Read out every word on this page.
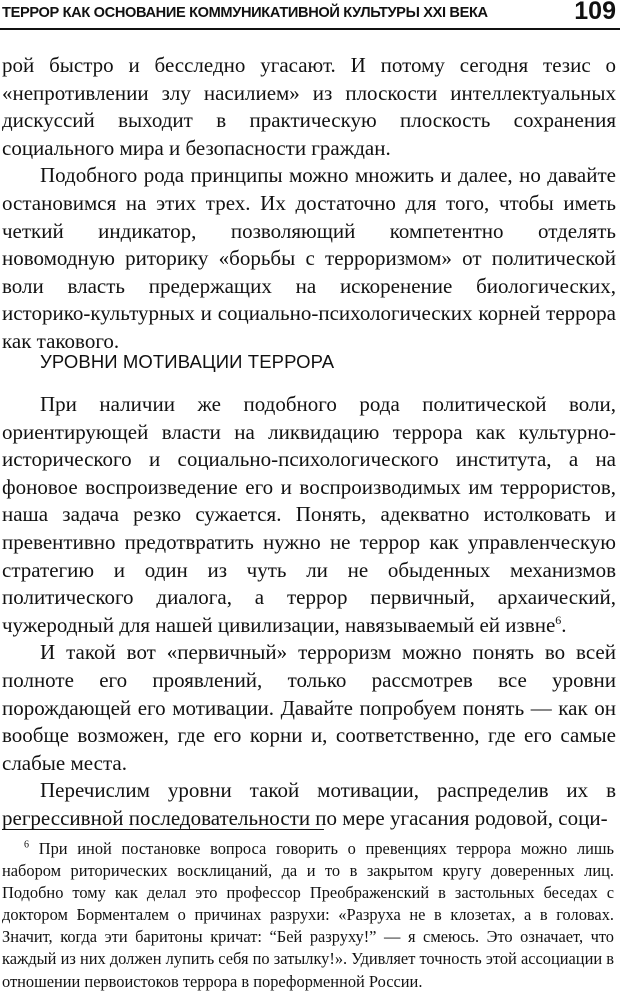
ТЕРРОР КАК ОСНОВАНИЕ КОММУНИКАТИВНОЙ КУЛЬТУРЫ XXI ВЕКА	109

рой быстро и бесследно угасают. И потому сегодня тезис о «непротивлении злу насилием» из плоскости интеллектуальных дискуссий выходит в практическую плоскость сохранения социального мира и безопасности граждан.

Подобного рода принципы можно множить и далее, но давайте остановимся на этих трех. Их достаточно для того, чтобы иметь четкий индикатор, позволяющий компетентно отделять новомодную риторику «борьбы с терроризмом» от политической воли власть предержащих на искоренение биологических, историко-культурных и социально-психологических корней террора как такового.

УРОВНИ МОТИВАЦИИ ТЕРРОРА

При наличии же подобного рода политической воли, ориентирующей власти на ликвидацию террора как культурно-исторического и социально-психологического института, а на фоновое воспроизведение его и воспроизводимых им террористов, наша задача резко сужается. Понять, адекватно истолковать и превентивно предотвратить нужно не террор как управленческую стратегию и один из чуть ли не обыденных механизмов политического диалога, а террор первичный, архаический, чужеродный для нашей цивилизации, навязываемый ей извне$^6$.

И такой вот «первичный» терроризм можно понять во всей полноте его проявлений, только рассмотрев все уровни порождающей его мотивации. Давайте попробуем понять — как он вообще возможен, где его корни и, соответственно, где его самые слабые места.

Перечислим уровни такой мотивации, распределив их в регрессивной последовательности по мере угасания родовой, соци-

$^6$ При иной постановке вопроса говорить о превенциях террора можно лишь набором риторических восклицаний, да и то в закрытом кругу доверенных лиц. Подобно тому как делал это профессор Преображенский в застольных беседах с доктором Борменталем о причинах разрухи: «Разруха не в клозетах, а в головах. Значит, когда эти баритоны кричат: “Бей разруху!” — я смеюсь. Это означает, что каждый из них должен лупить себя по затылку!». Удивляет точность этой ассоциации в отношении первоистоков террора в пореформенной России.
